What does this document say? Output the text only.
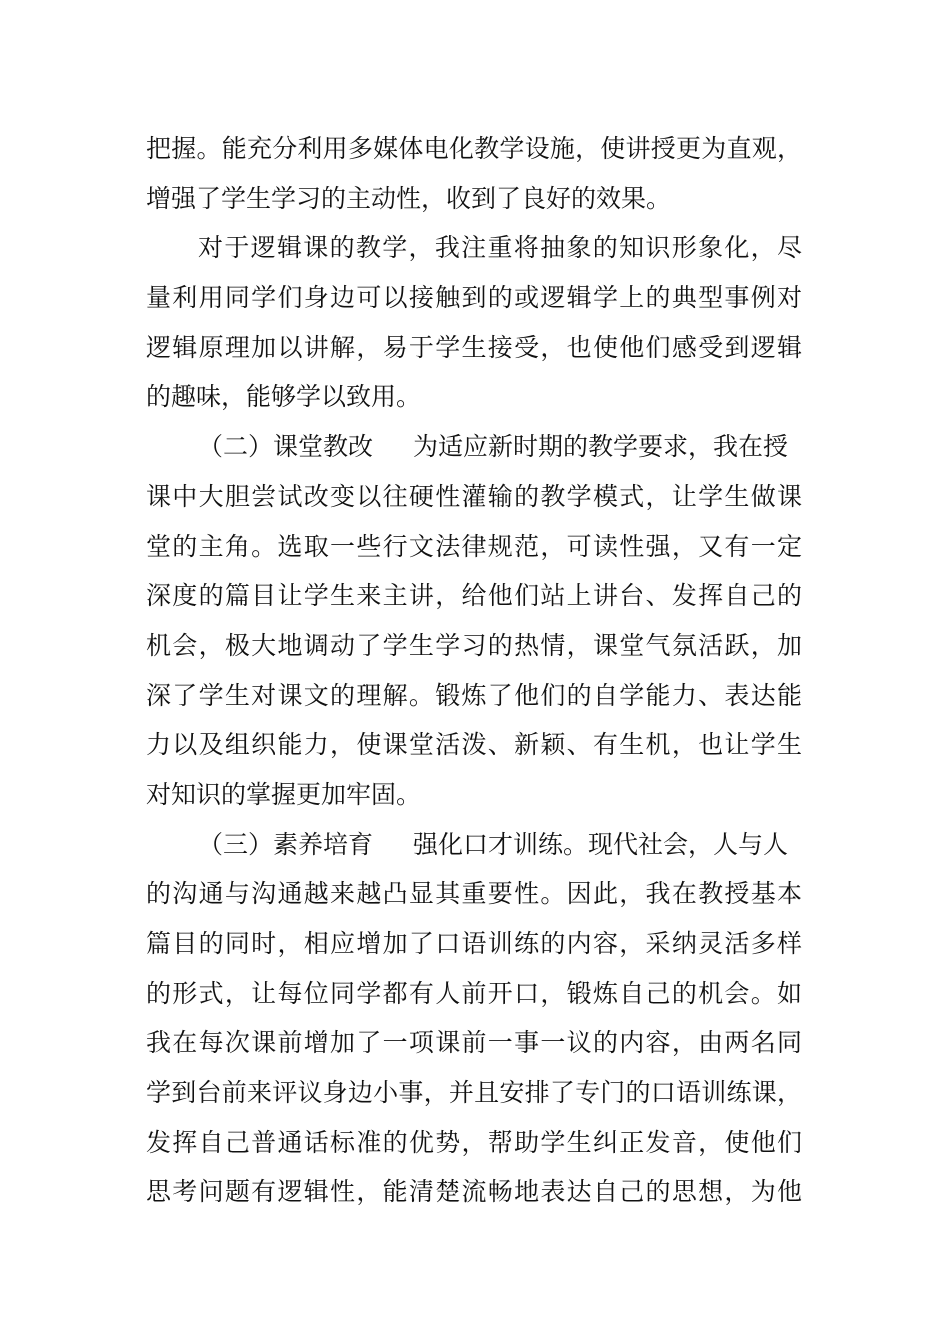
把握。能充分利用多媒体电化教学设施，使讲授更为直观，
增强了学生学习的主动性，收到了良好的效果。
对于逻辑课的教学，我注重将抽象的知识形象化，尽
量利用同学们身边可以接触到的或逻辑学上的典型事例对
逻辑原理加以讲解，易于学生接受，也使他们感受到逻辑
的趣味，能够学以致用。
（二）课堂教改 为适应新时期的教学要求，我在授
课中大胆尝试改变以往硬性灌输的教学模式，让学生做课
堂的主角。选取一些行文法律规范，可读性强，又有一定
深度的篇目让学生来主讲，给他们站上讲台、发挥自己的
机会，极大地调动了学生学习的热情，课堂气氛活跃，加
深了学生对课文的理解。锻炼了他们的自学能力、表达能
力以及组织能力，使课堂活泼、新颖、有生机，也让学生
对知识的掌握更加牢固。
（三）素养培育 强化口才训练。现代社会，人与人
的沟通与沟通越来越凸显其重要性。因此，我在教授基本
篇目的同时，相应增加了口语训练的内容，采纳灵活多样
的形式，让每位同学都有人前开口，锻炼自己的机会。如
我在每次课前增加了一项课前一事一议的内容，由两名同
学到台前来评议身边小事，并且安排了专门的口语训练课，
发挥自己普通话标准的优势，帮助学生纠正发音，使他们
思考问题有逻辑性，能清楚流畅地表达自己的思想，为他
